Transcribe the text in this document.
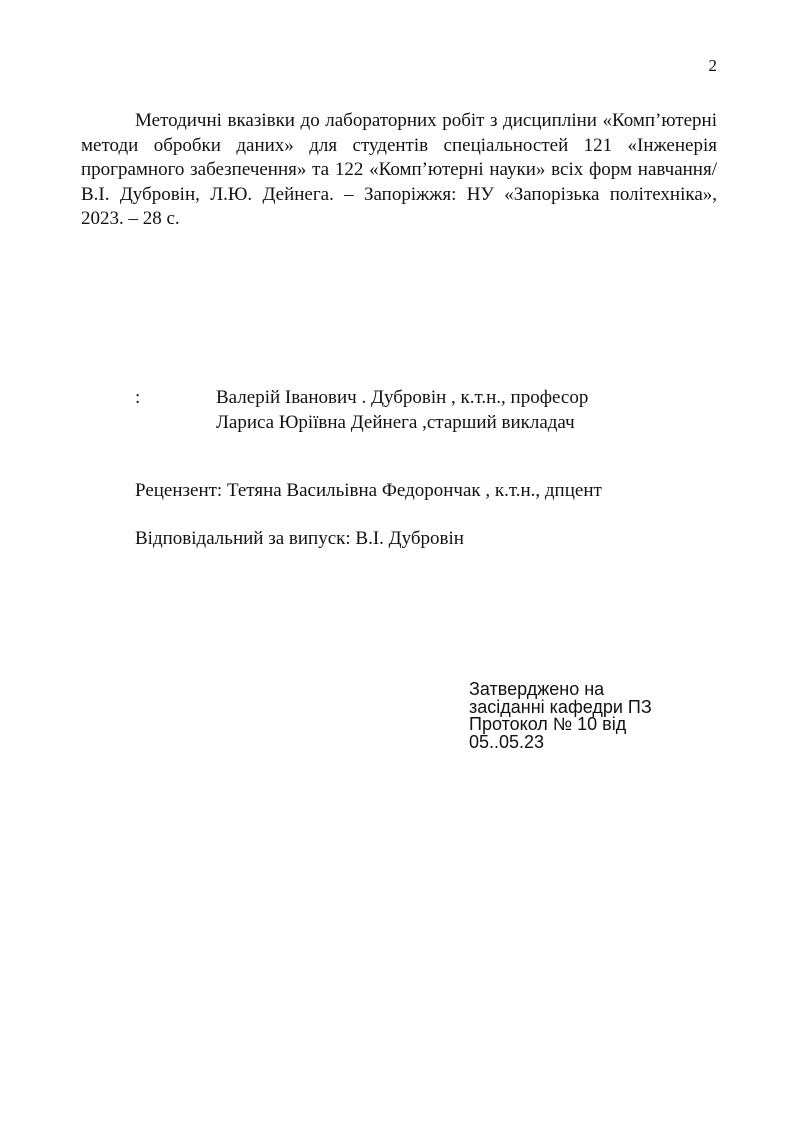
2

Методичні вказівки до лабораторних робіт з дисципліни «Комп’ютерні методи обробки даних» для студентів спеціальностей 121 «Інженерія програмного забезпечення» та 122 «Комп’ютерні науки» всіх форм навчання/ В.І. Дубровін, Л.Ю. Дейнега. – Запоріжжя: НУ «Запорізька політехніка», 2023. – 28 с.

:	Валерій Іванович . Дубровін , к.т.н., професор
Лариса Юріївна Дейнега ,старший викладач
Рецензент: Тетяна Васильівна Федорончак , к.т.н., дпцент
Відповідальний за випуск: В.І. Дубровін
Затверджено на
засіданні кафедри ПЗ
Протокол № 10 від
05..05.23
